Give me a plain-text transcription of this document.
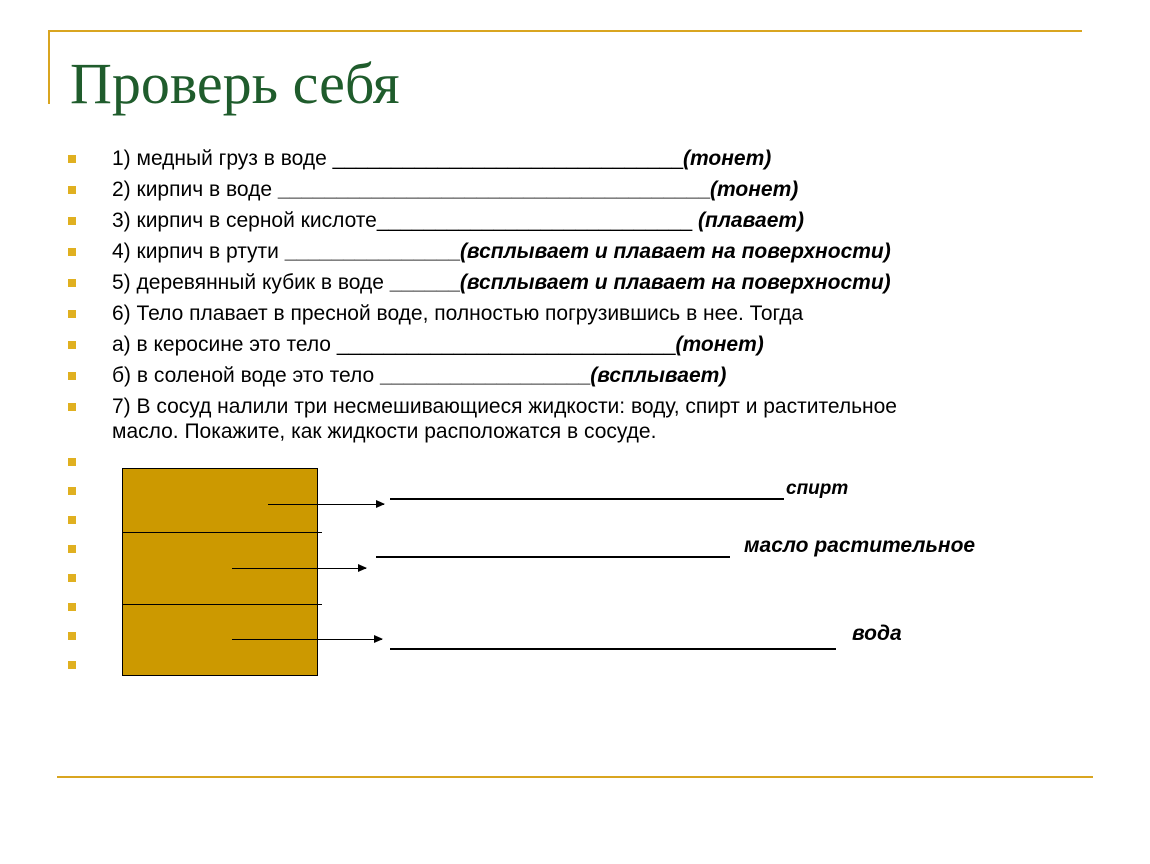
Проверь себя
1) медный груз в воде ______________________________(тонет)
2) кирпич в воде _____________________________________(тонет)
3) кирпич в серной кислоте___________________________ (плавает)
4) кирпич в ртути _______________(всплывает и плавает на поверхности)
5) деревянный кубик в воде ______(всплывает и плавает на поверхности)
6) Тело плавает в пресной воде, полностью погрузившись в нее. Тогда
а) в керосине это тело _____________________________(тонет)
б) в соленой воде это тело __________________(всплывает)
7) В сосуд налили три несмешивающиеся жидкости: воду, спирт и растительное
масло. Покажите, как жидкости расположатся в сосуде.
спирт
масло растительное
вода
